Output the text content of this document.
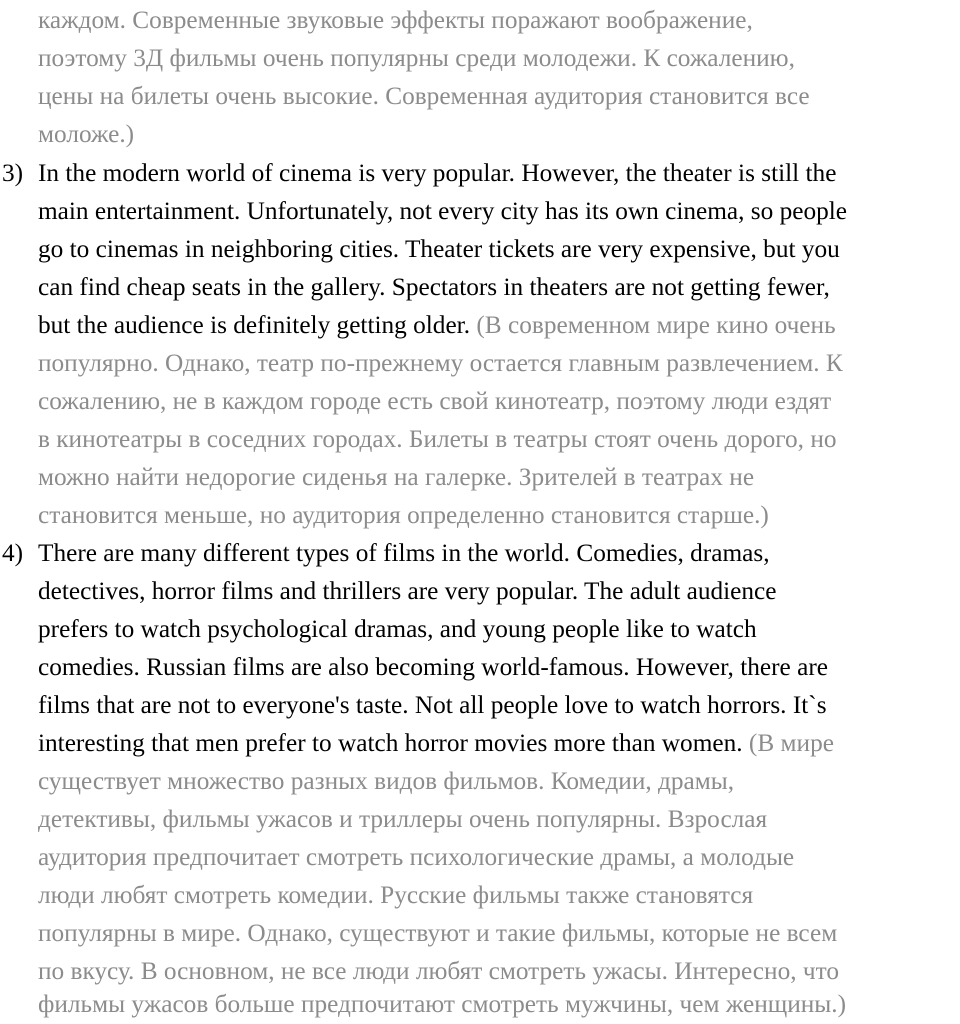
каждом. Современные звуковые эффекты поражают воображение,
поэтому 3Д фильмы очень популярны среди молодежи. К сожалению,
цены на билеты очень высокие. Современная аудитория становится все
моложе.)
3) In the modern world of cinema is very popular. However, the theater is still the
main entertainment. Unfortunately, not every city has its own cinema, so people
go to cinemas in neighboring cities. Theater tickets are very expensive, but you
can find cheap seats in the gallery. Spectators in theaters are not getting fewer,
but the audience is definitely getting older. (В современном мире кино очень
популярно. Однако, театр по-прежнему остается главным развлечением. К
сожалению, не в каждом городе есть свой кинотеатр, поэтому люди ездят
в кинотеатры в соседних городах. Билеты в театры стоят очень дорого, но
можно найти недорогие сиденья на галерке. Зрителей в театрах не
становится меньше, но аудитория определенно становится старше.)
4) There are many different types of films in the world. Comedies, dramas,
detectives, horror films and thrillers are very popular. The adult audience
prefers to watch psychological dramas, and young people like to watch
comedies. Russian films are also becoming world-famous. However, there are
films that are not to everyone's taste. Not all people love to watch horrors. It`s
interesting that men prefer to watch horror movies more than women. (В мире
существует множество разных видов фильмов. Комедии, драмы,
детективы, фильмы ужасов и триллеры очень популярны. Взрослая
аудитория предпочитает смотреть психологические драмы, а молодые
люди любят смотреть комедии. Русские фильмы также становятся
популярны в мире. Однако, существуют и такие фильмы, которые не всем
по вкусу. В основном, не все люди любят смотреть ужасы. Интересно, что
фильмы ужасов больше предпочитают смотреть мужчины, чем женщины.)
